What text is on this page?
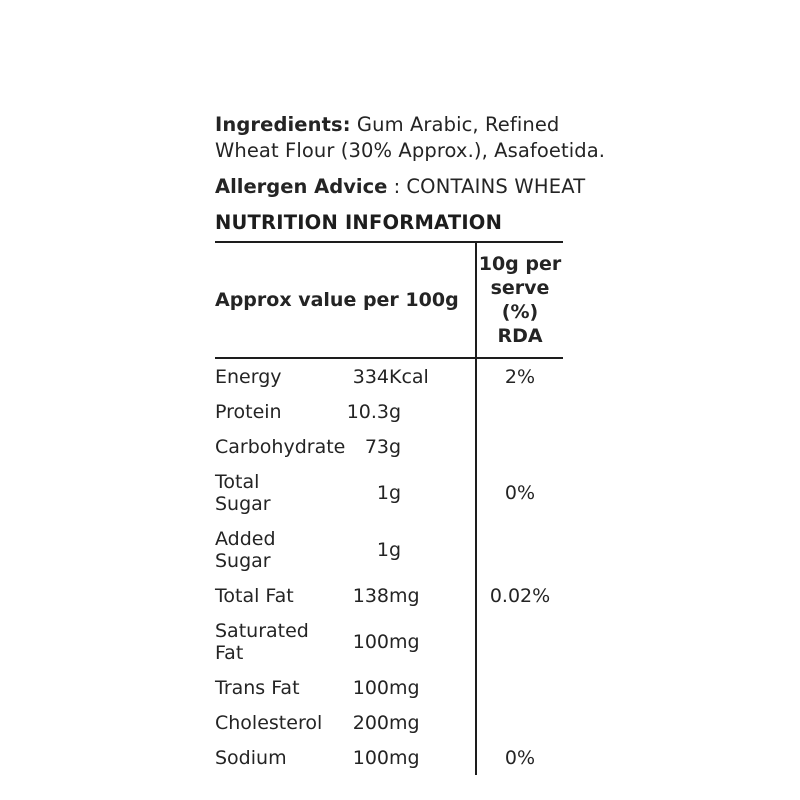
Ingredients: Gum Arabic, Refined Wheat Flour (30% Approx.), Asafoetida.
Allergen Advice : CONTAINS WHEAT
NUTRITION INFORMATION
Approx value per 100g			10g per serve (%) RDA
Energy	334	Kcal	2%
Protein	10.3	g	
Carbohydrate	73	g	
Total Sugar	1	g	0%
Added Sugar	1	g	
Total Fat	138	mg	0.02%
Saturated Fat	100	mg	
Trans Fat	100	mg	
Cholesterol	200	mg	
Sodium	100	mg	0%
